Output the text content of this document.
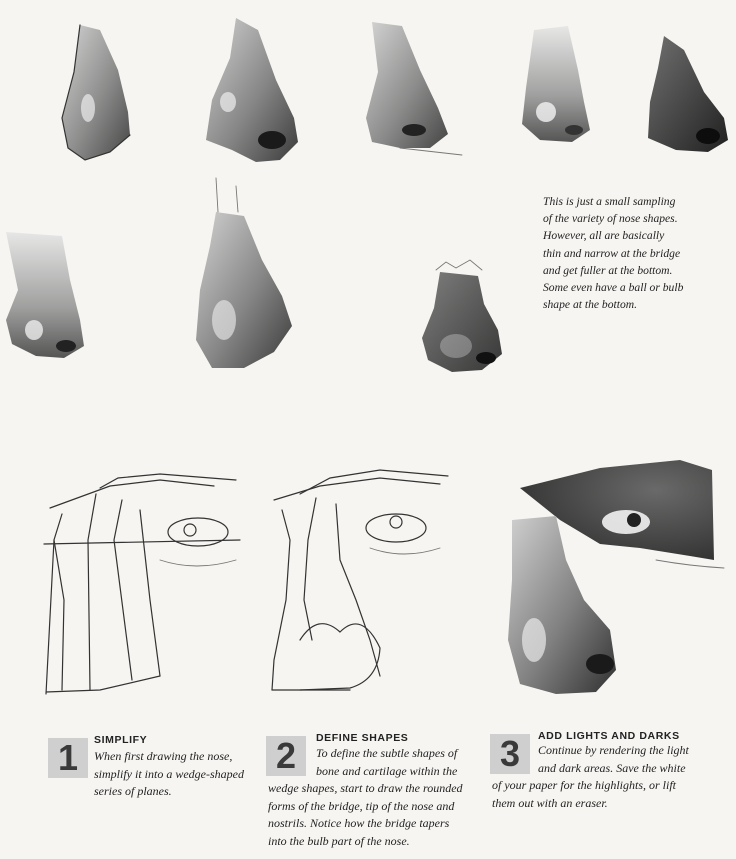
This is just a small sampling
of the variety of nose shapes.
However, all are basically
thin and narrow at the bridge
and get fuller at the bottom.
Some even have a ball or bulb
shape at the bottom.
1	SIMPLIFY
When first drawing the nose,
simplify it into a wedge-shaped
series of planes.
2	DEFINE SHAPES
To define the subtle shapes of
bone and cartilage within the
wedge shapes, start to draw the rounded
forms of the bridge, tip of the nose and
nostrils. Notice how the bridge tapers
into the bulb part of the nose.
3	ADD LIGHTS AND DARKS
Continue by rendering the light
and dark areas. Save the white
of your paper for the highlights, or lift
them out with an eraser.
